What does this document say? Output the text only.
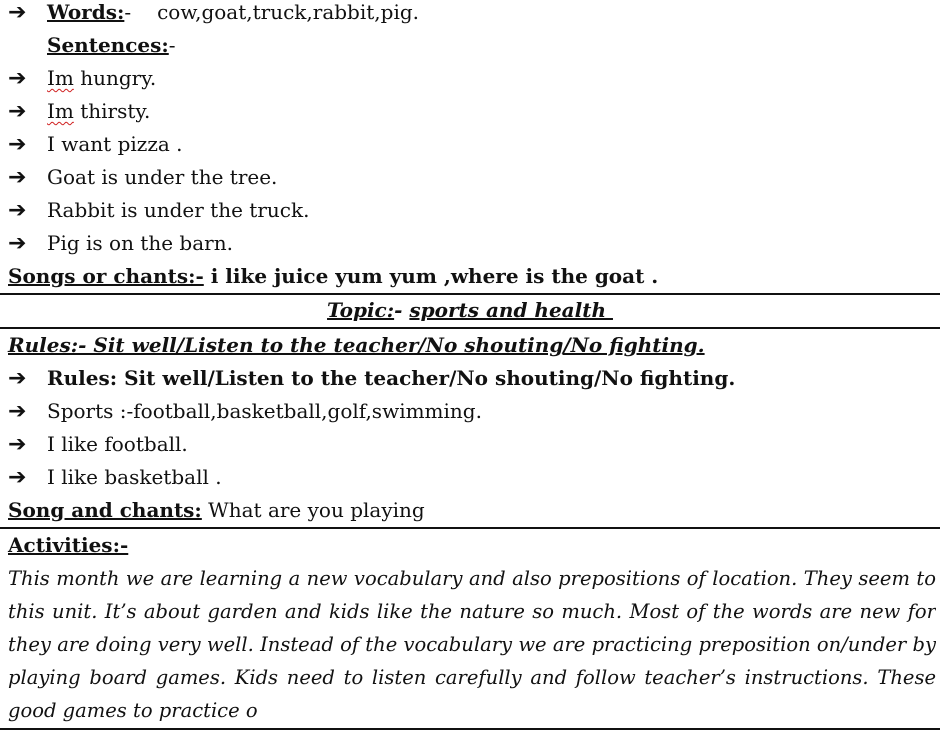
➔	Words:- cow,goat,truck,rabbit,pig.
Sentences:-
➔	Im hungry.
➔	Im thirsty.
➔	I want pizza .
➔	Goat is under the tree.
➔	Rabbit is under the truck.
➔	Pig is on the barn.
Songs or chants:- i like juice yum yum ,where is the goat .
Topic:- sports and health
Rules:- Sit well/Listen to the teacher/No shouting/No fighting.
➔	Rules: Sit well/Listen to the teacher/No shouting/No fighting.
➔	Sports :-football,basketball,golf,swimming.
➔	I like football.
➔	I like basketball .
Song and chants: What are you playing
Activities:-
This month we are learning a new vocabulary and also prepositions of location. They seem to
this unit. It’s about garden and kids like the nature so much. Most of the words are new for
they are doing very well. Instead of the vocabulary we are practicing preposition on/under by
playing board games. Kids need to listen carefully and follow teacher’s instructions. These
good games to practice o
